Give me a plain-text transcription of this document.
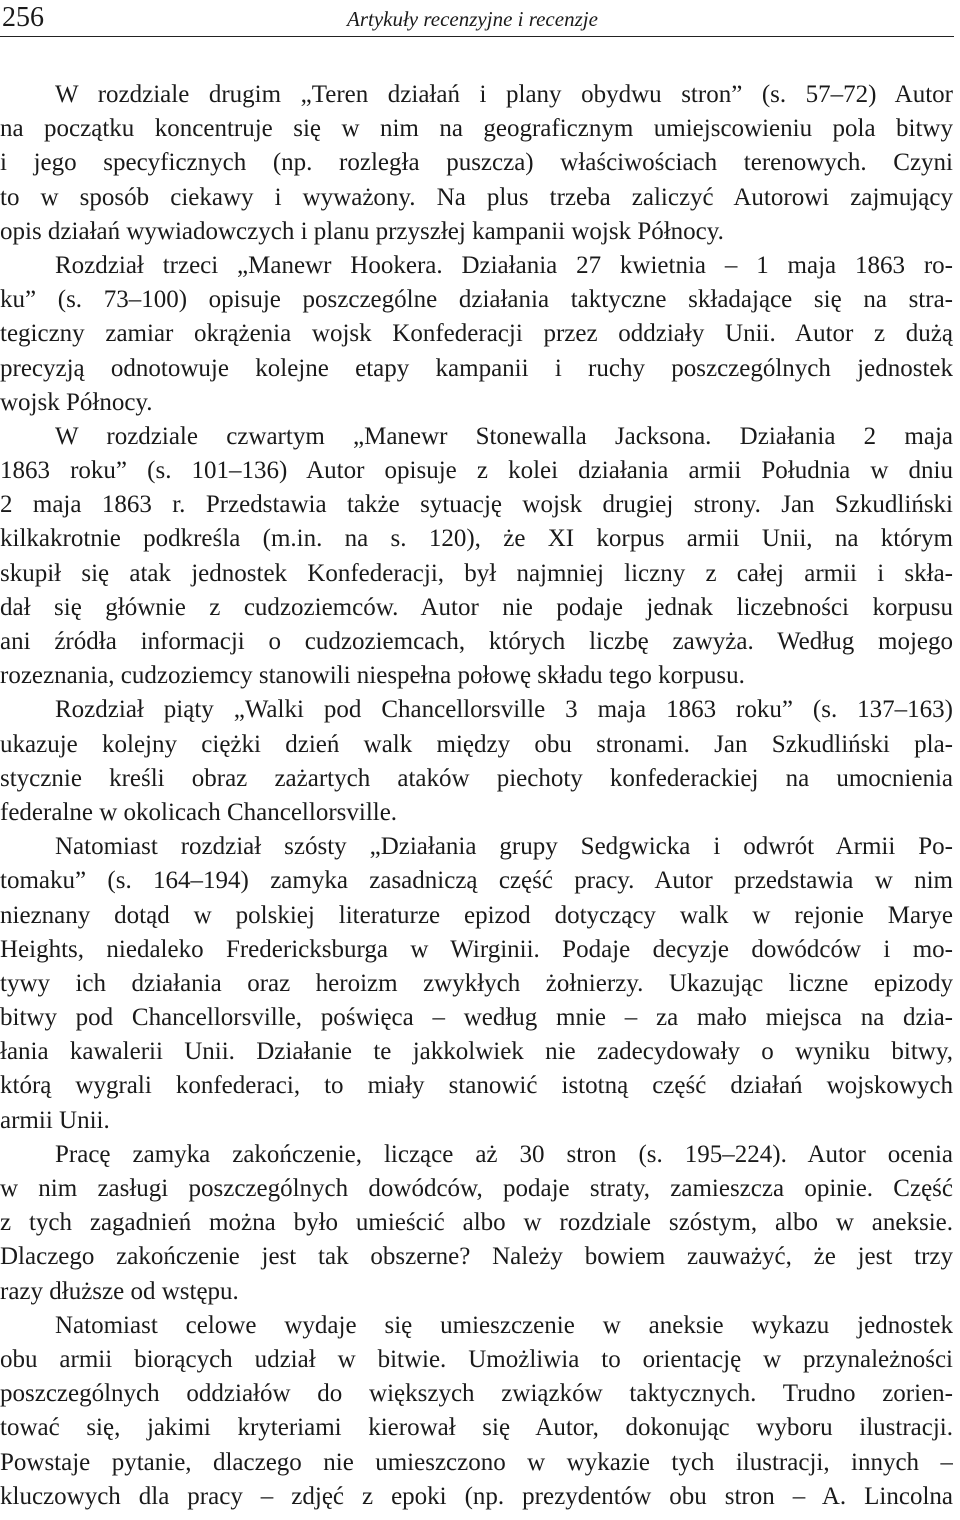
256	Artykuły recenzyjne i recenzje
W rozdziale drugim „Teren działań i plany obydwu stron” (s. 57–72) Autor
na początku koncentruje się w nim na geograficznym umiejscowieniu pola bitwy
i jego specyficznych (np. rozległa puszcza) właściwościach terenowych. Czyni
to w sposób ciekawy i wyważony. Na plus trzeba zaliczyć Autorowi zajmujący
opis działań wywiadowczych i planu przyszłej kampanii wojsk Północy.
Rozdział trzeci „Manewr Hookera. Działania 27 kwietnia – 1 maja 1863 ro-
ku” (s. 73–100) opisuje poszczególne działania taktyczne składające się na stra-
tegiczny zamiar okrążenia wojsk Konfederacji przez oddziały Unii. Autor z dużą
precyzją odnotowuje kolejne etapy kampanii i ruchy poszczególnych jednostek
wojsk Północy.
W rozdziale czwartym „Manewr Stonewalla Jacksona. Działania 2 maja
1863 roku” (s. 101–136) Autor opisuje z kolei działania armii Południa w dniu
2 maja 1863 r. Przedstawia także sytuację wojsk drugiej strony. Jan Szkudliński
kilkakrotnie podkreśla (m.in. na s. 120), że XI korpus armii Unii, na którym
skupił się atak jednostek Konfederacji, był najmniej liczny z całej armii i skła-
dał się głównie z cudzoziemców. Autor nie podaje jednak liczebności korpusu
ani źródła informacji o cudzoziemcach, których liczbę zawyża. Według mojego
rozeznania, cudzoziemcy stanowili niespełna połowę składu tego korpusu.
Rozdział piąty „Walki pod Chancellorsville 3 maja 1863 roku” (s. 137–163)
ukazuje kolejny ciężki dzień walk między obu stronami. Jan Szkudliński pla-
stycznie kreśli obraz zażartych ataków piechoty konfederackiej na umocnienia
federalne w okolicach Chancellorsville.
Natomiast rozdział szósty „Działania grupy Sedgwicka i odwrót Armii Po-
tomaku” (s. 164–194) zamyka zasadniczą część pracy. Autor przedstawia w nim
nieznany dotąd w polskiej literaturze epizod dotyczący walk w rejonie Marye
Heights, niedaleko Fredericksburga w Wirginii. Podaje decyzje dowódców i mo-
tywy ich działania oraz heroizm zwykłych żołnierzy. Ukazując liczne epizody
bitwy pod Chancellorsville, poświęca – według mnie – za mało miejsca na dzia-
łania kawalerii Unii. Działanie te jakkolwiek nie zadecydowały o wyniku bitwy,
którą wygrali konfederaci, to miały stanowić istotną część działań wojskowych
armii Unii.
Pracę zamyka zakończenie, liczące aż 30 stron (s. 195–224). Autor ocenia
w nim zasługi poszczególnych dowódców, podaje straty, zamieszcza opinie. Część
z tych zagadnień można było umieścić albo w rozdziale szóstym, albo w aneksie.
Dlaczego zakończenie jest tak obszerne? Należy bowiem zauważyć, że jest trzy
razy dłuższe od wstępu.
Natomiast celowe wydaje się umieszczenie w aneksie wykazu jednostek
obu armii biorących udział w bitwie. Umożliwia to orientację w przynależności
poszczególnych oddziałów do większych związków taktycznych. Trudno zorien-
tować się, jakimi kryteriami kierował się Autor, dokonując wyboru ilustracji.
Powstaje pytanie, dlaczego nie umieszczono w wykazie tych ilustracji, innych –
kluczowych dla pracy – zdjęć z epoki (np. prezydentów obu stron – A. Lincolna
